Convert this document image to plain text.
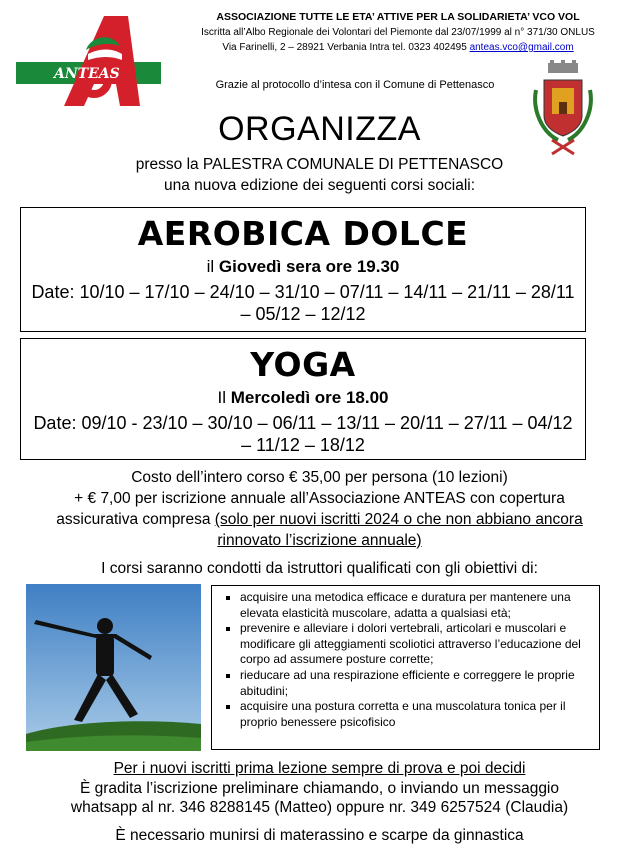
ANTEAS
ASSOCIAZIONE TUTTE LE ETA’ ATTIVE PER LA SOLIDARIETA’ VCO VOL
Iscritta all’Albo Regionale dei Volontari del Piemonte dal 23/07/1999 al n° 371/30 ONLUS
Via Farinelli, 2 – 28921 Verbania Intra tel. 0323 402495 anteas.vco@gmail.com
Grazie al protocollo d’intesa con il Comune di Pettenasco
ORGANIZZA
presso la PALESTRA COMUNALE DI PETTENASCO
una nuova edizione dei seguenti corsi sociali:
AEROBICA DOLCE
il Giovedì sera ore 19.30
Date: 10/10 – 17/10 – 24/10 – 31/10 – 07/11 – 14/11 – 21/11 – 28/11 – 05/12 – 12/12
YOGA
Il Mercoledì ore 18.00
Date: 09/10 - 23/10 – 30/10 – 06/11 – 13/11 – 20/11 – 27/11 – 04/12 – 11/12 – 18/12
Costo dell’intero corso € 35,00 per persona (10 lezioni)
+ € 7,00 per iscrizione annuale all’Associazione ANTEAS con copertura
assicurativa compresa (solo per nuovi iscritti 2024 o che non abbiano ancora
rinnovato l’iscrizione annuale)
I corsi saranno condotti da istruttori qualificati con gli obiettivi di:
▪ acquisire una metodica efficace e duratura per mantenere una elevata elasticità muscolare, adatta a qualsiasi età;
▪ prevenire e alleviare i dolori vertebrali, articolari e muscolari e modificare gli atteggiamenti scoliotici attraverso l’educazione del corpo ad assumere posture corrette;
▪ rieducare ad una respirazione efficiente e correggere le proprie abitudini;
▪ acquisire una postura corretta e una muscolatura tonica per il proprio benessere psicofisico
Per i nuovi iscritti prima lezione sempre di prova e poi decidi
È gradita l’iscrizione preliminare chiamando, o inviando un messaggio
whatsapp al nr. 346 8288145 (Matteo) oppure nr. 349 6257524 (Claudia)
È necessario munirsi di materassino e scarpe da ginnastica
